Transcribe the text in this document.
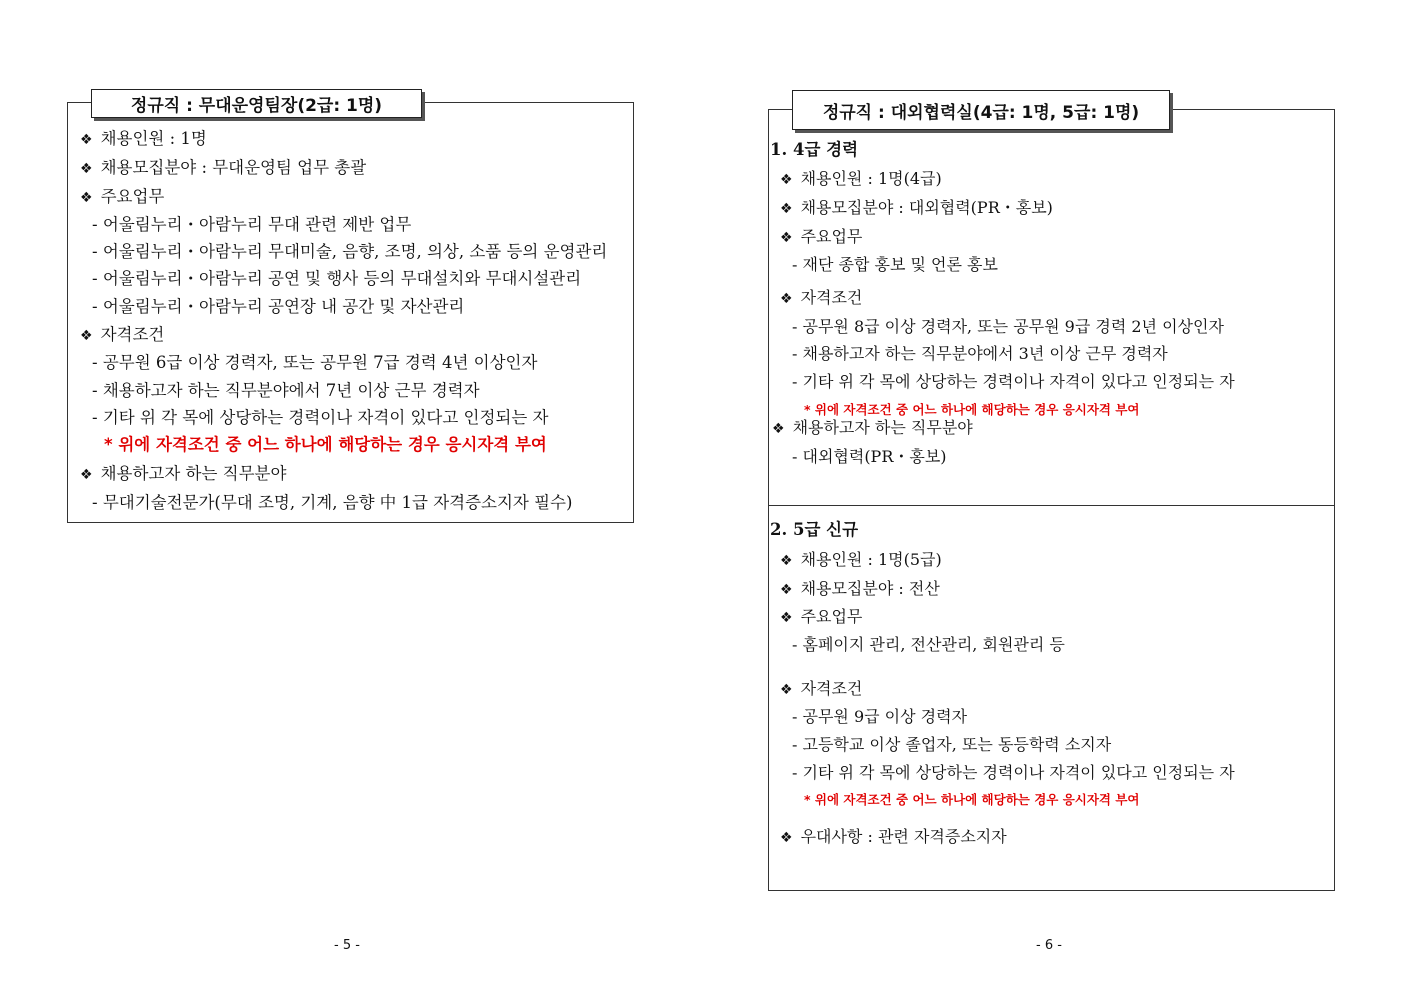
정규직 : 무대운영팀장(2급: 1명)
❖ 채용인원 : 1명
❖ 채용모집분야 : 무대운영팀 업무 총괄
❖ 주요업무
- 어울림누리・아람누리 무대 관련 제반 업무
- 어울림누리・아람누리 무대미술, 음향, 조명, 의상, 소품 등의 운영관리
- 어울림누리・아람누리 공연 및 행사 등의 무대설치와 무대시설관리
- 어울림누리・아람누리 공연장 내 공간 및 자산관리
❖ 자격조건
- 공무원 6급 이상 경력자, 또는 공무원 7급 경력 4년 이상인자
- 채용하고자 하는 직무분야에서 7년 이상 근무 경력자
- 기타 위 각 목에 상당하는 경력이나 자격이 있다고 인정되는 자
* 위에 자격조건 중 어느 하나에 해당하는 경우 응시자격 부여
❖ 채용하고자 하는 직무분야
- 무대기술전문가(무대 조명, 기계, 음향 中 1급 자격증소지자 필수)
- 5 -
정규직 : 대외협력실(4급: 1명, 5급: 1명)
1. 4급 경력
❖ 채용인원 : 1명(4급)
❖ 채용모집분야 : 대외협력(PR・홍보)
❖ 주요업무
- 재단 종합 홍보 및 언론 홍보
❖ 자격조건
- 공무원 8급 이상 경력자, 또는 공무원 9급 경력 2년 이상인자
- 채용하고자 하는 직무분야에서 3년 이상 근무 경력자
- 기타 위 각 목에 상당하는 경력이나 자격이 있다고 인정되는 자
* 위에 자격조건 중 어느 하나에 해당하는 경우 응시자격 부여
❖ 채용하고자 하는 직무분야
- 대외협력(PR・홍보)
2. 5급 신규
❖ 채용인원 : 1명(5급)
❖ 채용모집분야 : 전산
❖ 주요업무
- 홈페이지 관리, 전산관리, 회원관리 등
❖ 자격조건
- 공무원 9급 이상 경력자
- 고등학교 이상 졸업자, 또는 동등학력 소지자
- 기타 위 각 목에 상당하는 경력이나 자격이 있다고 인정되는 자
* 위에 자격조건 중 어느 하나에 해당하는 경우 응시자격 부여
❖ 우대사항 : 관련 자격증소지자
- 6 -
